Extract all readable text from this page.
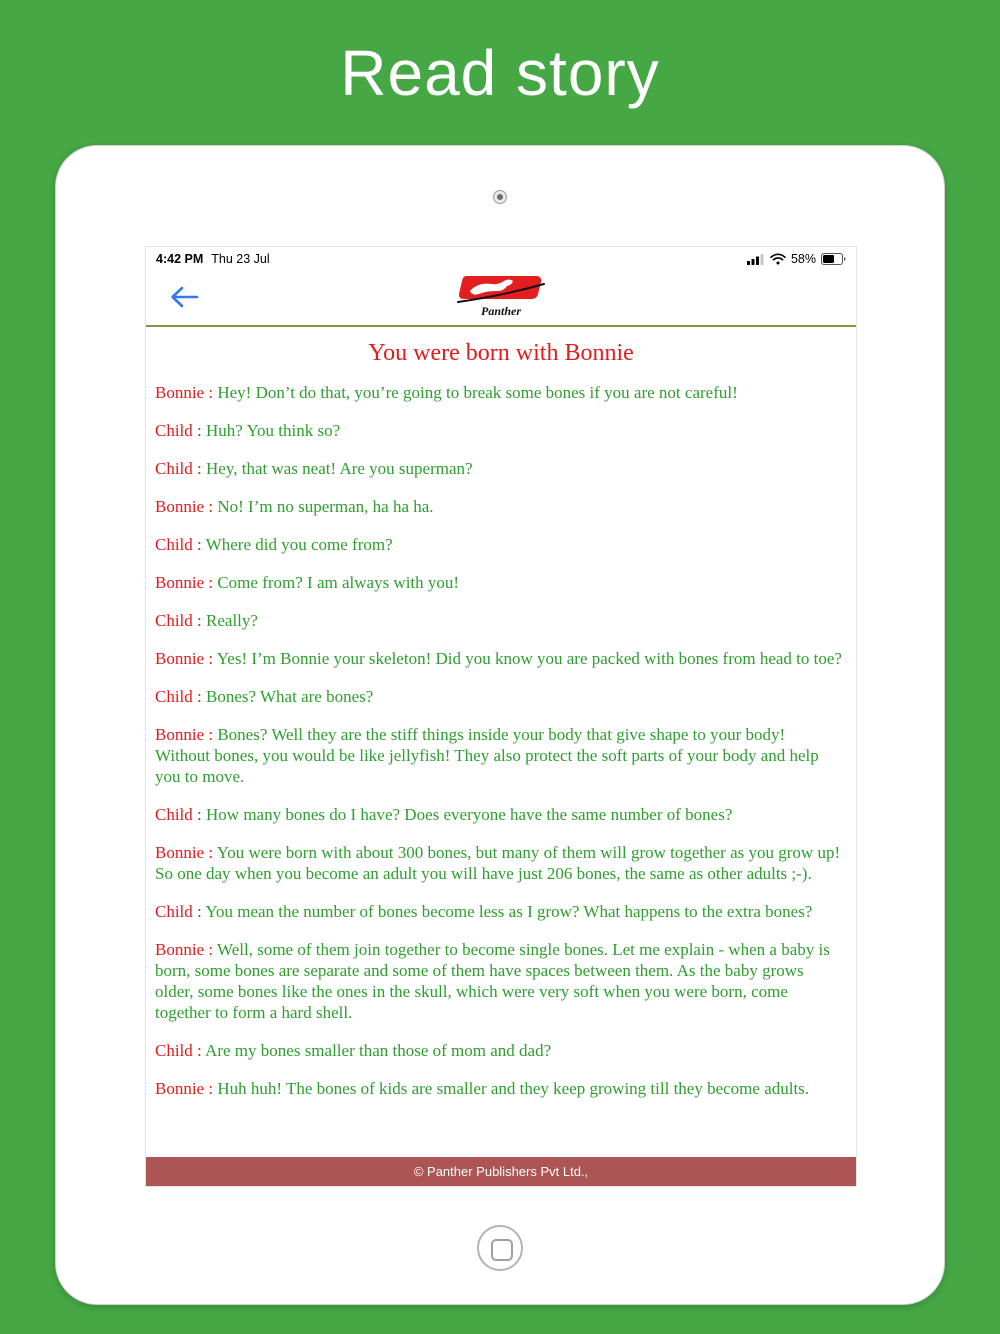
Read story
4:42 PM Thu 23 Jul	58%
Panther
You were born with Bonnie

Bonnie : Hey! Don’t do that, you’re going to break some bones if you are not careful!

Child : Huh? You think so?

Child : Hey, that was neat! Are you superman?

Bonnie : No! I’m no superman, ha ha ha.

Child : Where did you come from?

Bonnie : Come from? I am always with you!

Child : Really?

Bonnie : Yes! I’m Bonnie your skeleton! Did you know you are packed with bones from head to toe?

Child : Bones? What are bones?

Bonnie : Bones? Well they are the stiff things inside your body that give shape to your body! Without bones, you would be like jellyfish! They also protect the soft parts of your body and help you to move.

Child : How many bones do I have? Does everyone have the same number of bones?

Bonnie : You were born with about 300 bones, but many of them will grow together as you grow up! So one day when you become an adult you will have just 206 bones, the same as other adults ;-).

Child : You mean the number of bones become less as I grow? What happens to the extra bones?

Bonnie : Well, some of them join together to become single bones. Let me explain - when a baby is born, some bones are separate and some of them have spaces between them. As the baby grows older, some bones like the ones in the skull, which were very soft when you were born, come together to form a hard shell.

Child : Are my bones smaller than those of mom and dad?

Bonnie : Huh huh! The bones of kids are smaller and they keep growing till they become adults.

© Panther Publishers Pvt Ltd.,
